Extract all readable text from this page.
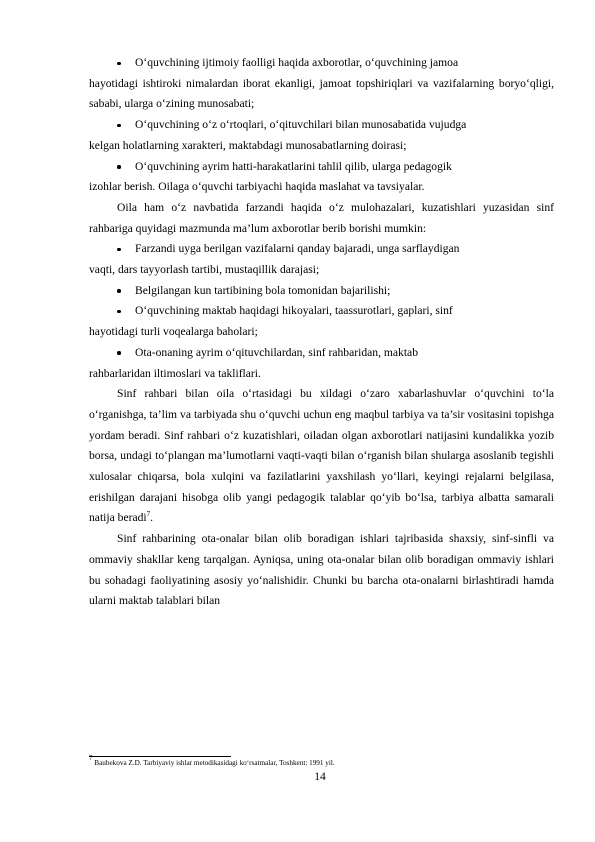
O‘quvchining ijtimoiy faolligi haqida axborotlar, o‘quvchining jamoa
hayotidagi ishtiroki nimalardan iborat ekanligi, jamoat topshiriqlari va vazifalarning boryo‘qligi, sababi, ularga o‘zining munosabati;
O‘quvchining o‘z o‘rtoqlari, o‘qituvchilari bilan munosabatida vujudga
kelgan holatlarning xarakteri, maktabdagi munosabatlarning doirasi;
O‘quvchining ayrim hatti-harakatlarini tahlil qilib, ularga pedagogik
izohlar berish. Oilaga o‘quvchi tarbiyachi haqida maslahat va tavsiyalar.

Oila ham o‘z navbatida farzandi haqida o‘z mulohazalari, kuzatishlari yuzasidan sinf rahbariga quyidagi mazmunda ma’lum axborotlar berib borishi mumkin:

Farzandi uyga berilgan vazifalarni qanday bajaradi, unga sarflaydigan
vaqti, dars tayyorlash tartibi, mustaqillik darajasi;
Belgilangan kun tartibining bola tomonidan bajarilishi;
O‘quvchining maktab haqidagi hikoyalari, taassurotlari, gaplari, sinf
hayotidagi turli voqealarga baholari;
Ota-onaning ayrim o‘qituvchilardan, sinf rahbaridan, maktab
rahbarlaridan iltimoslari va takliflari.

Sinf rahbari bilan oila o‘rtasidagi bu xildagi o‘zaro xabarlashuvlar o‘quvchini to‘la o‘rganishga, ta’lim va tarbiyada shu o‘quvchi uchun eng maqbul tarbiya va ta’sir vositasini topishga yordam beradi. Sinf rahbari o‘z kuzatishlari, oiladan olgan axborotlari natijasini kundalikka yozib borsa, undagi to‘plangan ma’lumotlarni vaqti-vaqti bilan o‘rganish bilan shularga asoslanib tegishli xulosalar chiqarsa, bola xulqini va fazilatlarini yaxshilash yo‘llari, keyingi rejalarni belgilasa, erishilgan darajani hisobga olib yangi pedagogik talablar qo‘yib bo‘lsa, tarbiya albatta samarali natija beradi$^7$.

Sinf rahbarining ota-onalar bilan olib boradigan ishlari tajribasida shaxsiy, sinf-sinfli va ommaviy shakllar keng tarqalgan. Ayniqsa, uning ota-onalar bilan olib boradigan ommaviy ishlari bu sohadagi faoliyatining asosiy yo‘nalishidir. Chunki bu barcha ota-onalarni birlashtiradi hamda ularni maktab talablari bilan

$^7$ Baubekova Z.D. Tarbiyaviy ishlar metodikasidagi ko‘rsatmalar, Toshkent: 1991 yil.
14
